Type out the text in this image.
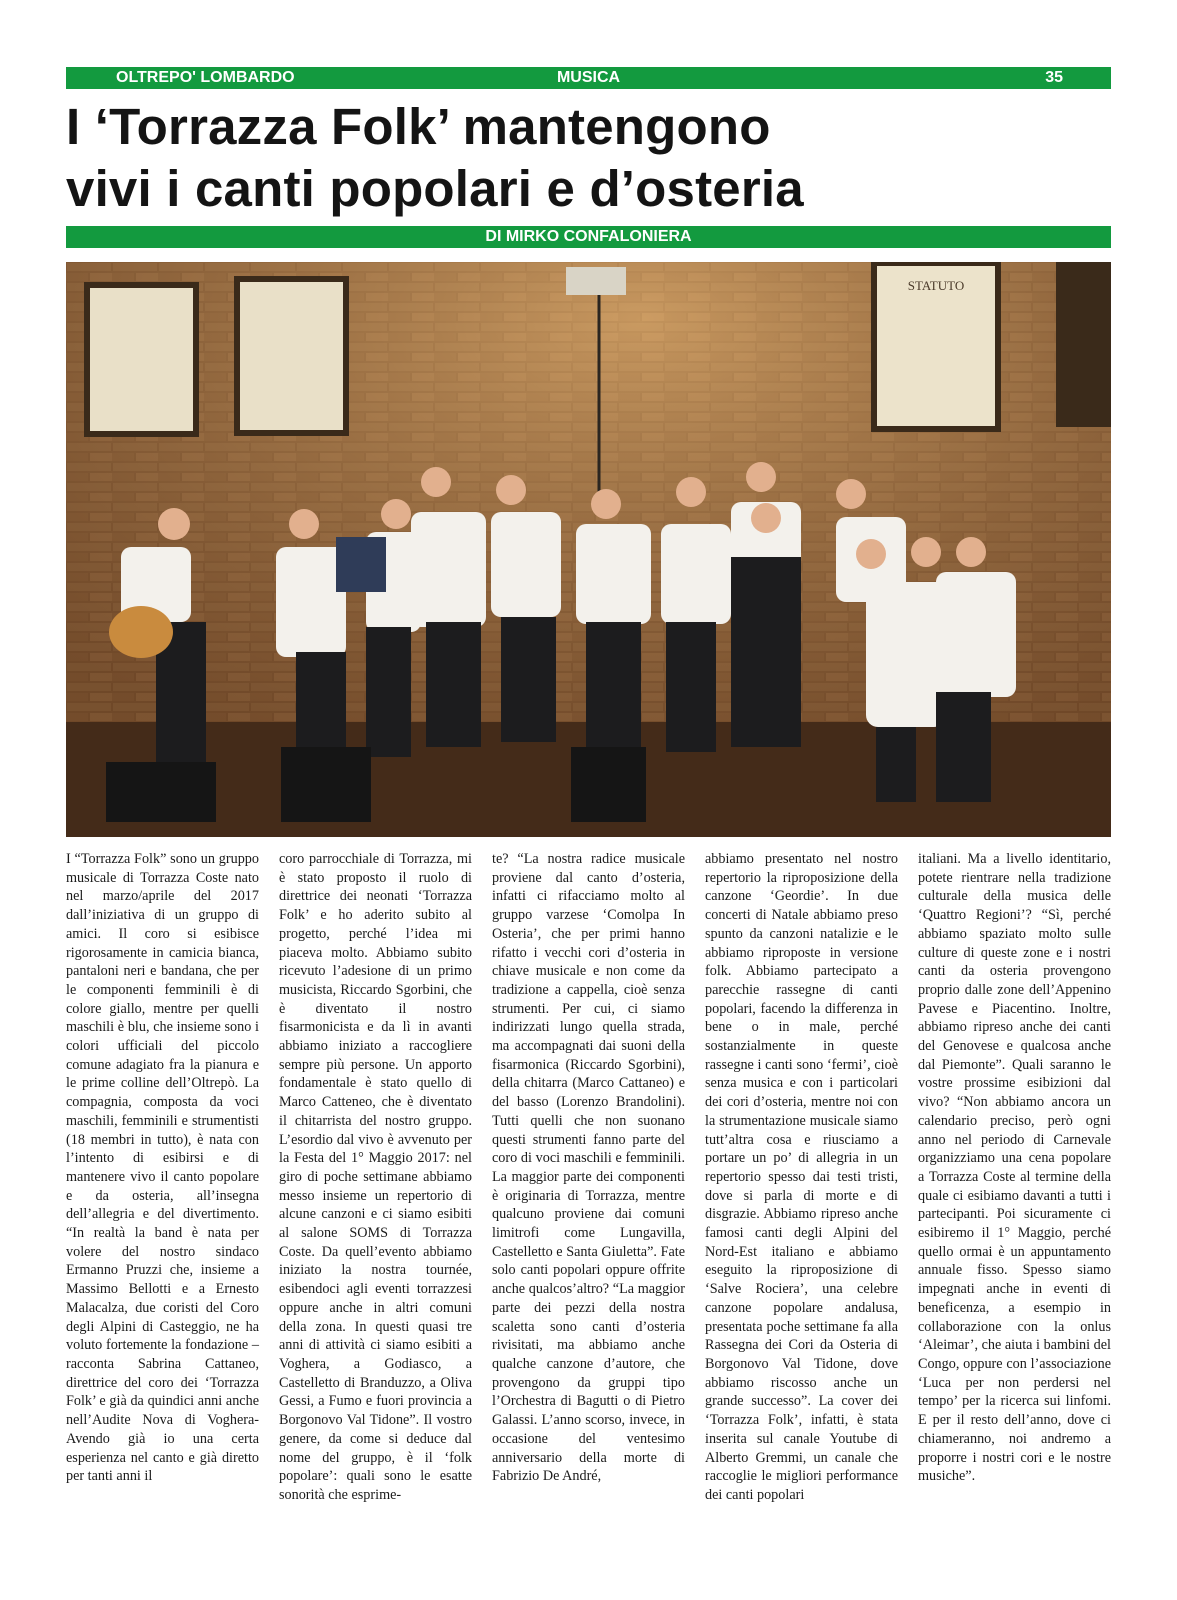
OLTREPO' LOMBARDO	MUSICA	35
I ‘Torrazza Folk’ mantengono
vivi i canti popolari e d’osteria
DI MIRKO CONFALONIERA
STATUTO

I “Torrazza Folk” sono un gruppo musicale di Torrazza Coste nato nel marzo/aprile del 2017 dall’iniziativa di un gruppo di amici. Il coro si esibisce rigorosamente in camicia bianca, pantaloni neri e bandana, che per le componenti femminili è di colore giallo, mentre per quelli maschili è blu, che insieme sono i colori ufficiali del piccolo comune adagiato fra la pianura e le prime colline dell’Oltrepò. La compagnia, composta da voci maschili, femminili e strumentisti (18 membri in tutto), è nata con l’intento di esibirsi e di mantenere vivo il canto popolare e da osteria, all’insegna dell’allegria e del divertimento. “In realtà la band è nata per volere del nostro sindaco Ermanno Pruzzi che, insieme a Massimo Bellotti e a Ernesto Malacalza, due coristi del Coro degli Alpini di Casteggio, ne ha voluto fortemente la fondazione –racconta Sabrina Cattaneo, direttrice del coro dei ‘Torrazza Folk’ e già da quindici anni anche nell’Audite Nova di Voghera- Avendo già io una certa esperienza nel canto e già diretto per tanti anni il

coro parrocchiale di Torrazza, mi è stato proposto il ruolo di direttrice dei neonati ‘Torrazza Folk’ e ho aderito subito al progetto, perché l’idea mi piaceva molto. Abbiamo subito ricevuto l’adesione di un primo musicista, Riccardo Sgorbini, che è diventato il nostro fisarmonicista e da lì in avanti abbiamo iniziato a raccogliere sempre più persone. Un apporto fondamentale è stato quello di Marco Catteneo, che è diventato il chitarrista del nostro gruppo. L’esordio dal vivo è avvenuto per la Festa del 1° Maggio 2017: nel giro di poche settimane abbiamo messo insieme un repertorio di alcune canzoni e ci siamo esibiti al salone SOMS di Torrazza Coste. Da quell’evento abbiamo iniziato la nostra tournée, esibendoci agli eventi torrazzesi oppure anche in altri comuni della zona. In questi quasi tre anni di attività ci siamo esibiti a Voghera, a Godiasco, a Castelletto di Branduzzo, a Oliva Gessi, a Fumo e fuori provincia a Borgonovo Val Tidone”. Il vostro genere, da come si deduce dal nome del gruppo, è il ‘folk popolare’: quali sono le esatte sonorità che esprime-

te? “La nostra radice musicale proviene dal canto d’osteria, infatti ci rifacciamo molto al gruppo varzese ‘Comolpa In Osteria’, che per primi hanno rifatto i vecchi cori d’osteria in chiave musicale e non come da tradizione a cappella, cioè senza strumenti. Per cui, ci siamo indirizzati lungo quella strada, ma accompagnati dai suoni della fisarmonica (Riccardo Sgorbini), della chitarra (Marco Cattaneo) e del basso (Lorenzo Brandolini). Tutti quelli che non suonano questi strumenti fanno parte del coro di voci maschili e femminili. La maggior parte dei componenti è originaria di Torrazza, mentre qualcuno proviene dai comuni limitrofi come Lungavilla, Castelletto e Santa Giuletta”. Fate solo canti popolari oppure offrite anche qualcos’altro? “La maggior parte dei pezzi della nostra scaletta sono canti d’osteria rivisitati, ma abbiamo anche qualche canzone d’autore, che provengono da gruppi tipo l’Orchestra di Bagutti o di Pietro Galassi. L’anno scorso, invece, in occasione del ventesimo anniversario della morte di Fabrizio De André,

abbiamo presentato nel nostro repertorio la riproposizione della canzone ‘Geordie’. In due concerti di Natale abbiamo preso spunto da canzoni natalizie e le abbiamo riproposte in versione folk. Abbiamo partecipato a parecchie rassegne di canti popolari, facendo la differenza in bene o in male, perché sostanzialmente in queste rassegne i canti sono ‘fermi’, cioè senza musica e con i particolari dei cori d’osteria, mentre noi con la strumentazione musicale siamo tutt’altra cosa e riusciamo a portare un po’ di allegria in un repertorio spesso dai testi tristi, dove si parla di morte e di disgrazie. Abbiamo ripreso anche famosi canti degli Alpini del Nord-Est italiano e abbiamo eseguito la riproposizione di ‘Salve Rociera’, una celebre canzone popolare andalusa, presentata poche settimane fa alla Rassegna dei Cori da Osteria di Borgonovo Val Tidone, dove abbiamo riscosso anche un grande successo”. La cover dei ‘Torrazza Folk’, infatti, è stata inserita sul canale Youtube di Alberto Gremmi, un canale che raccoglie le migliori performance dei canti popolari

italiani. Ma a livello identitario, potete rientrare nella tradizione culturale della musica delle ‘Quattro Regioni’? “Sì, perché abbiamo spaziato molto sulle culture di queste zone e i nostri canti da osteria provengono proprio dalle zone dell’Appenino Pavese e Piacentino. Inoltre, abbiamo ripreso anche dei canti del Genovese e qualcosa anche dal Piemonte”. Quali saranno le vostre prossime esibizioni dal vivo? “Non abbiamo ancora un calendario preciso, però ogni anno nel periodo di Carnevale organizziamo una cena popolare a Torrazza Coste al termine della quale ci esibiamo davanti a tutti i partecipanti. Poi sicuramente ci esibiremo il 1° Maggio, perché quello ormai è un appuntamento annuale fisso. Spesso siamo impegnati anche in eventi di beneficenza, a esempio in collaborazione con la onlus ‘Aleimar’, che aiuta i bambini del Congo, oppure con l’associazione ‘Luca per non perdersi nel tempo’ per la ricerca sui linfomi. E per il resto dell’anno, dove ci chiameranno, noi andremo a proporre i nostri cori e le nostre musiche”.
